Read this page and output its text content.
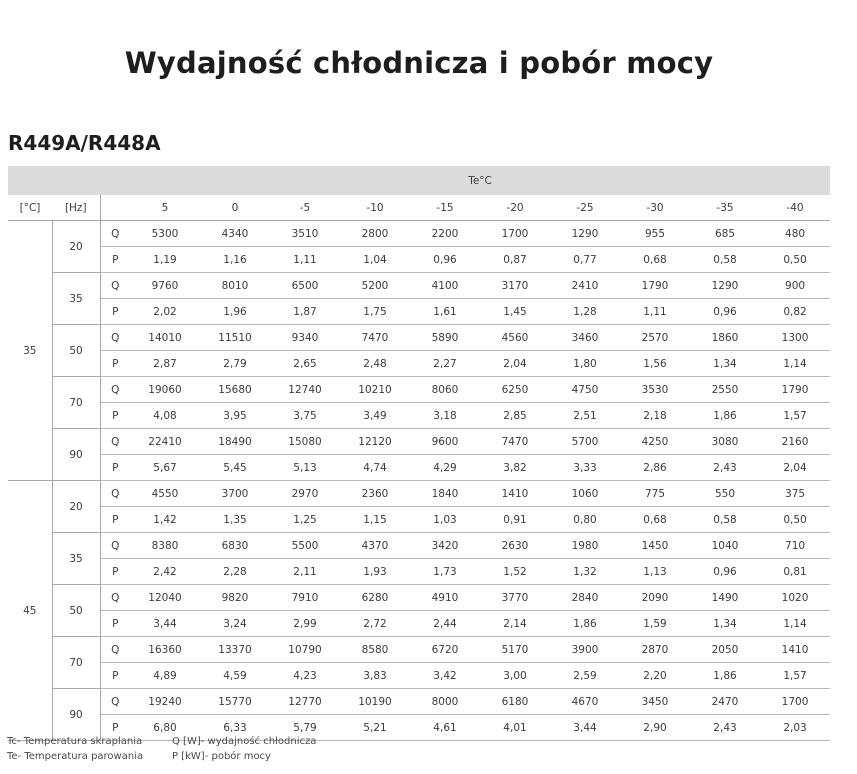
Wydajność chłodnicza i pobór mocy
R449A/R448A
			Te°C									
[°C]	[Hz]		5	0	-5	-10	-15	-20	-25	-30	-35	-40
35	20	Q	5300	4340	3510	2800	2200	1700	1290	955	685	480
		P	1,19	1,16	1,11	1,04	0,96	0,87	0,77	0,68	0,58	0,50
	35	Q	9760	8010	6500	5200	4100	3170	2410	1790	1290	900
		P	2,02	1,96	1,87	1,75	1,61	1,45	1,28	1,11	0,96	0,82
	50	Q	14010	11510	9340	7470	5890	4560	3460	2570	1860	1300
		P	2,87	2,79	2,65	2,48	2,27	2,04	1,80	1,56	1,34	1,14
	70	Q	19060	15680	12740	10210	8060	6250	4750	3530	2550	1790
		P	4,08	3,95	3,75	3,49	3,18	2,85	2,51	2,18	1,86	1,57
	90	Q	22410	18490	15080	12120	9600	7470	5700	4250	3080	2160
		P	5,67	5,45	5,13	4,74	4,29	3,82	3,33	2,86	2,43	2,04
45	20	Q	4550	3700	2970	2360	1840	1410	1060	775	550	375
		P	1,42	1,35	1,25	1,15	1,03	0,91	0,80	0,68	0,58	0,50
	35	Q	8380	6830	5500	4370	3420	2630	1980	1450	1040	710
		P	2,42	2,28	2,11	1,93	1,73	1,52	1,32	1,13	0,96	0,81
	50	Q	12040	9820	7910	6280	4910	3770	2840	2090	1490	1020
		P	3,44	3,24	2,99	2,72	2,44	2,14	1,86	1,59	1,34	1,14
	70	Q	16360	13370	10790	8580	6720	5170	3900	2870	2050	1410
		P	4,89	4,59	4,23	3,83	3,42	3,00	2,59	2,20	1,86	1,57
	90	Q	19240	15770	12770	10190	8000	6180	4670	3450	2470	1700
		P	6,80	6,33	5,79	5,21	4,61	4,01	3,44	2,90	2,43	2,03
Tc- Temperatura skraplania
Te- Temperatura parowania
Q [W]- wydajność chłodnicza
P [kW]- pobór mocy
